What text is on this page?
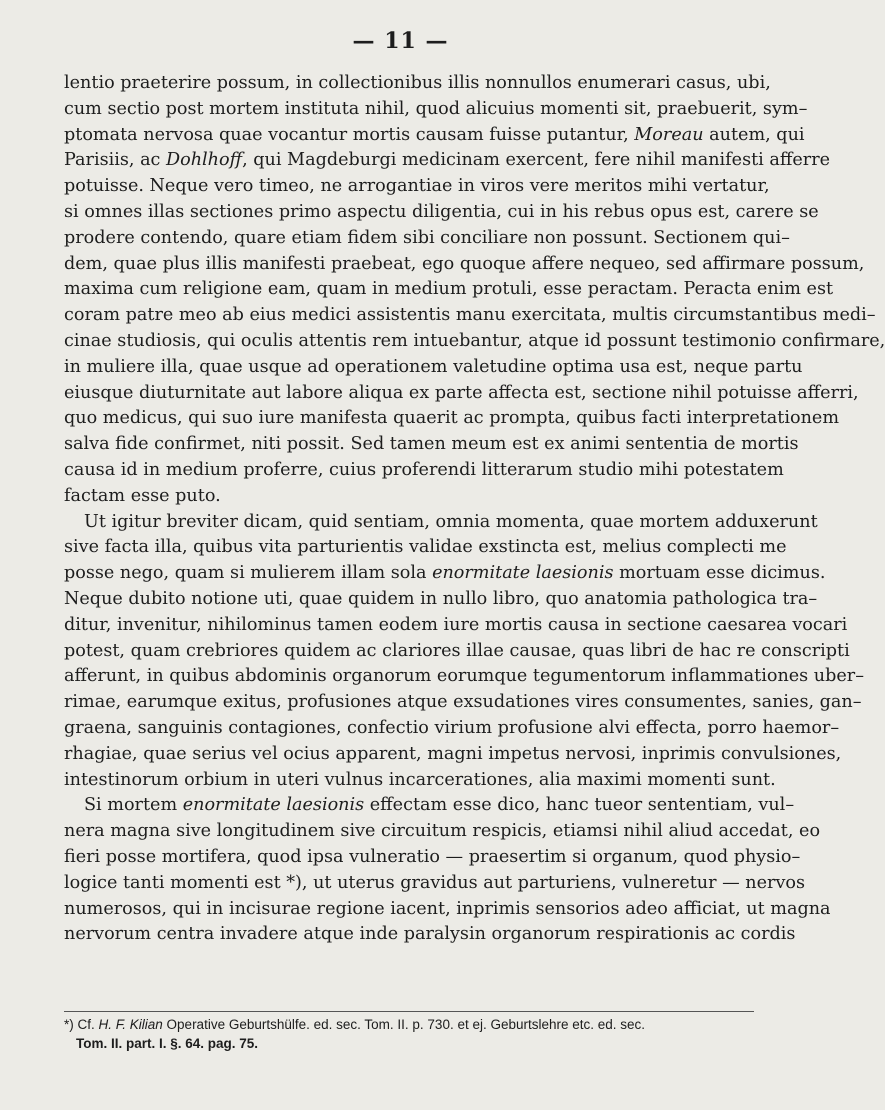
— 11 —
lentio praeterire possum, in collectionibus illis nonnullos enumerari casus, ubi,
cum sectio post mortem instituta nihil, quod alicuius momenti sit, praebuerit, sym–
ptomata nervosa quae vocantur mortis causam fuisse putantur, Moreau autem, qui
Parisiis, ac Dohlhoff, qui Magdeburgi medicinam exercent, fere nihil manifesti afferre
potuisse. Neque vero timeo, ne arrogantiae in viros vere meritos mihi vertatur,
si omnes illas sectiones primo aspectu diligentia, cui in his rebus opus est, carere se
prodere contendo, quare etiam fidem sibi conciliare non possunt. Sectionem qui–
dem, quae plus illis manifesti praebeat, ego quoque affere nequeo, sed affirmare possum,
maxima cum religione eam, quam in medium protuli, esse peractam. Peracta enim est
coram patre meo ab eius medici assistentis manu exercitata, multis circumstantibus medi–
cinae studiosis, qui oculis attentis rem intuebantur, atque id possunt testimonio confirmare,
in muliere illa, quae usque ad operationem valetudine optima usa est, neque partu
eiusque diuturnitate aut labore aliqua ex parte affecta est, sectione nihil potuisse afferri,
quo medicus, qui suo iure manifesta quaerit ac prompta, quibus facti interpretationem
salva fide confirmet, niti possit. Sed tamen meum est ex animi sententia de mortis
causa id in medium proferre, cuius proferendi litterarum studio mihi potestatem
factam esse puto.
Ut igitur breviter dicam, quid sentiam, omnia momenta, quae mortem adduxerunt
sive facta illa, quibus vita parturientis validae exstincta est, melius complecti me
posse nego, quam si mulierem illam sola enormitate laesionis mortuam esse dicimus.
Neque dubito notione uti, quae quidem in nullo libro, quo anatomia pathologica tra–
ditur, invenitur, nihilominus tamen eodem iure mortis causa in sectione caesarea vocari
potest, quam crebriores quidem ac clariores illae causae, quas libri de hac re conscripti
afferunt, in quibus abdominis organorum eorumque tegumentorum inflammationes uber–
rimae, earumque exitus, profusiones atque exsudationes vires consumentes, sanies, gan–
graena, sanguinis contagiones, confectio virium profusione alvi effecta, porro haemor–
rhagiae, quae serius vel ocius apparent, magni impetus nervosi, inprimis convulsiones,
intestinorum orbium in uteri vulnus incarcerationes, alia maximi momenti sunt.
Si mortem enormitate laesionis effectam esse dico, hanc tueor sententiam, vul–
nera magna sive longitudinem sive circuitum respicis, etiamsi nihil aliud accedat, eo
fieri posse mortifera, quod ipsa vulneratio — praesertim si organum, quod physio–
logice tanti momenti est *), ut uterus gravidus aut parturiens, vulneretur — nervos
numerosos, qui in incisurae regione iacent, inprimis sensorios adeo afficiat, ut magna
nervorum centra invadere atque inde paralysin organorum respirationis ac cordis
*) Cf. H. F. Kilian Operative Geburtshülfe. ed. sec. Tom. II. p. 730. et ej. Geburtslehre etc. ed. sec.
Tom. II. part. I. §. 64. pag. 75.
